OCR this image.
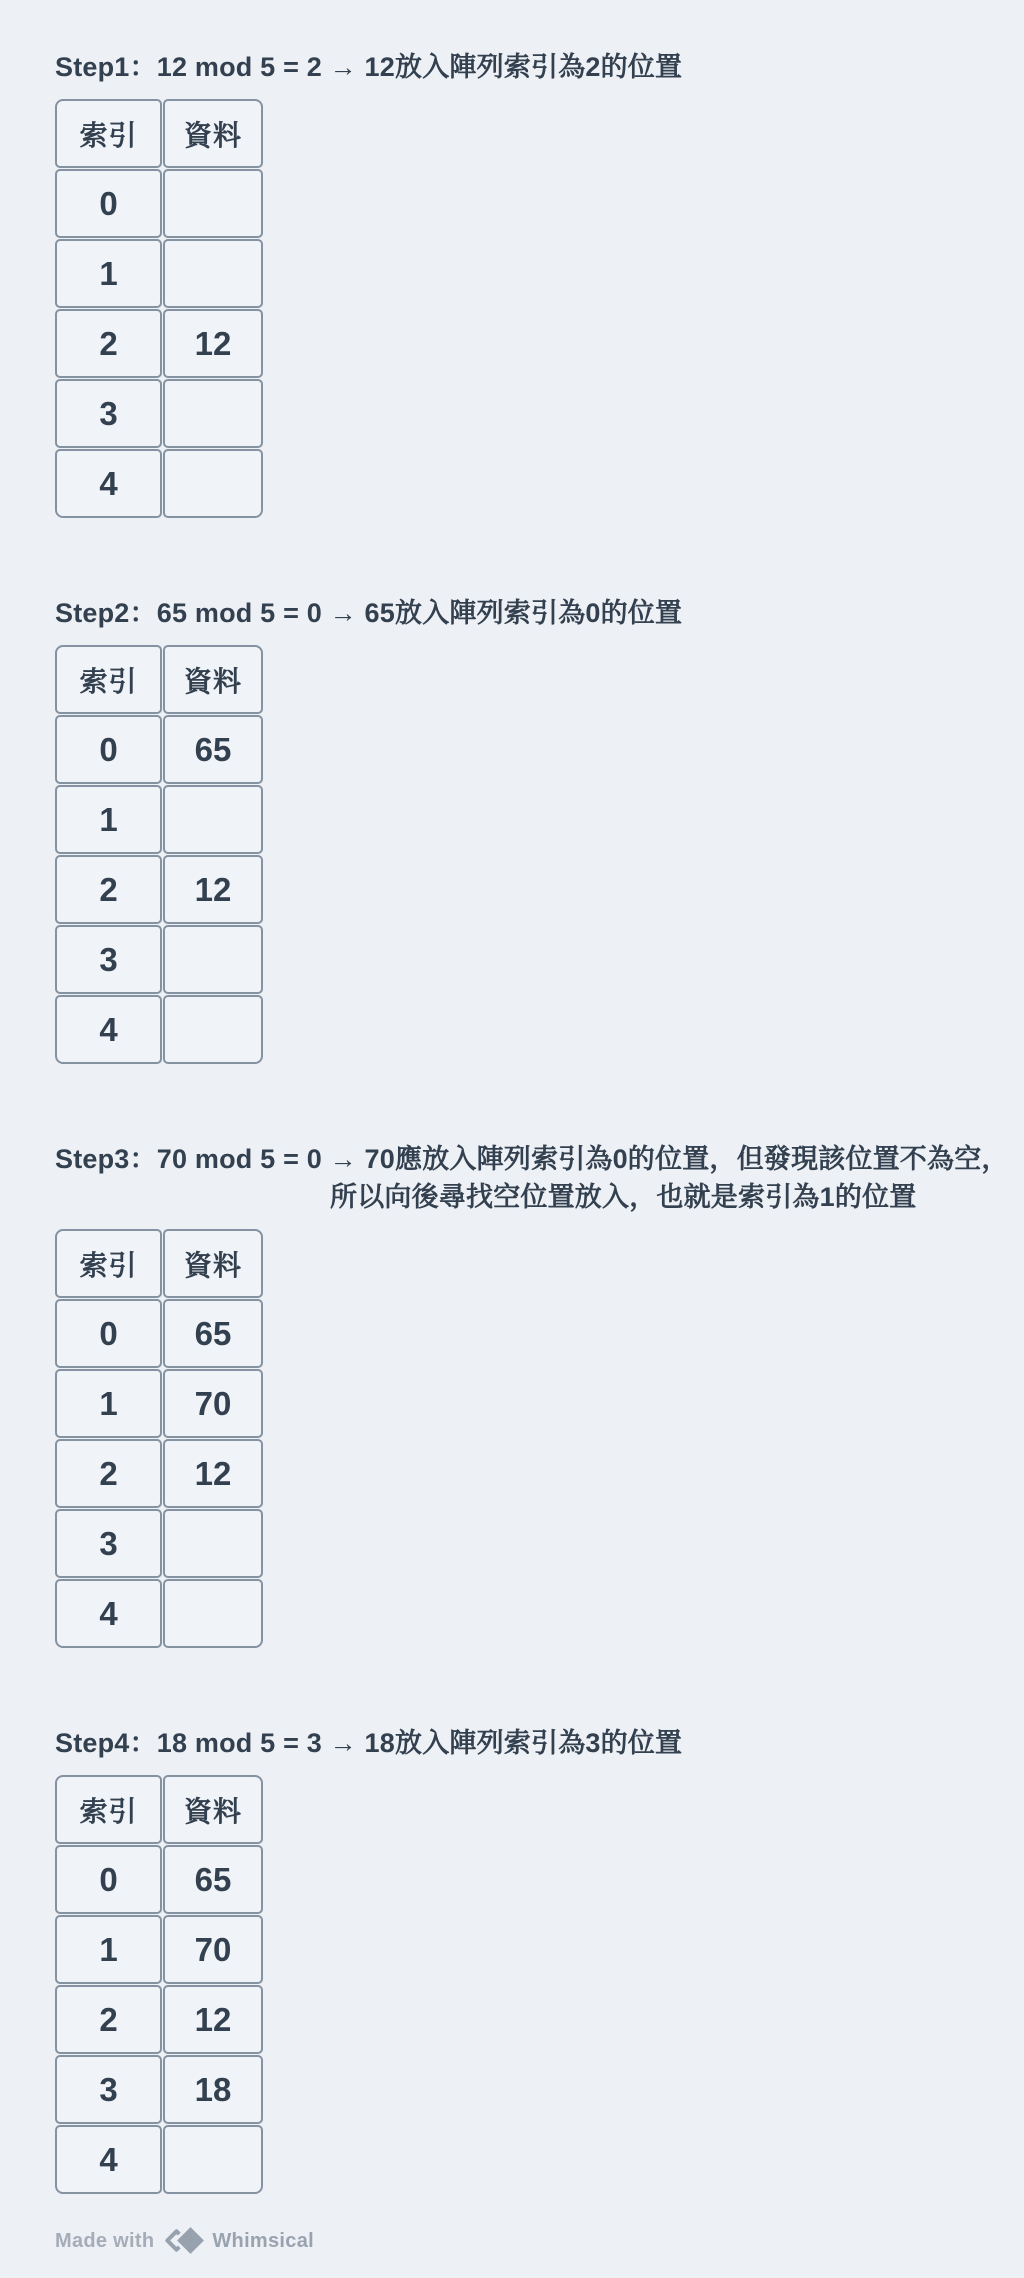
Step1：12 mod 5 = 2 → 12放入陣列索引為2的位置
索引	資料
0
1
2	12
3
4
Step2：65 mod 5 = 0 → 65放入陣列索引為0的位置
索引	資料
0	65
1
2	12
3
4
Step3：70 mod 5 = 0 → 70應放入陣列索引為0的位置，但發現該位置不為空，
所以向後尋找空位置放入，也就是索引為1的位置
索引	資料
0	65
1	70
2	12
3
4
Step4：18 mod 5 = 3 → 18放入陣列索引為3的位置
索引	資料
0	65
1	70
2	12
3	18
4
Made with	Whimsical
